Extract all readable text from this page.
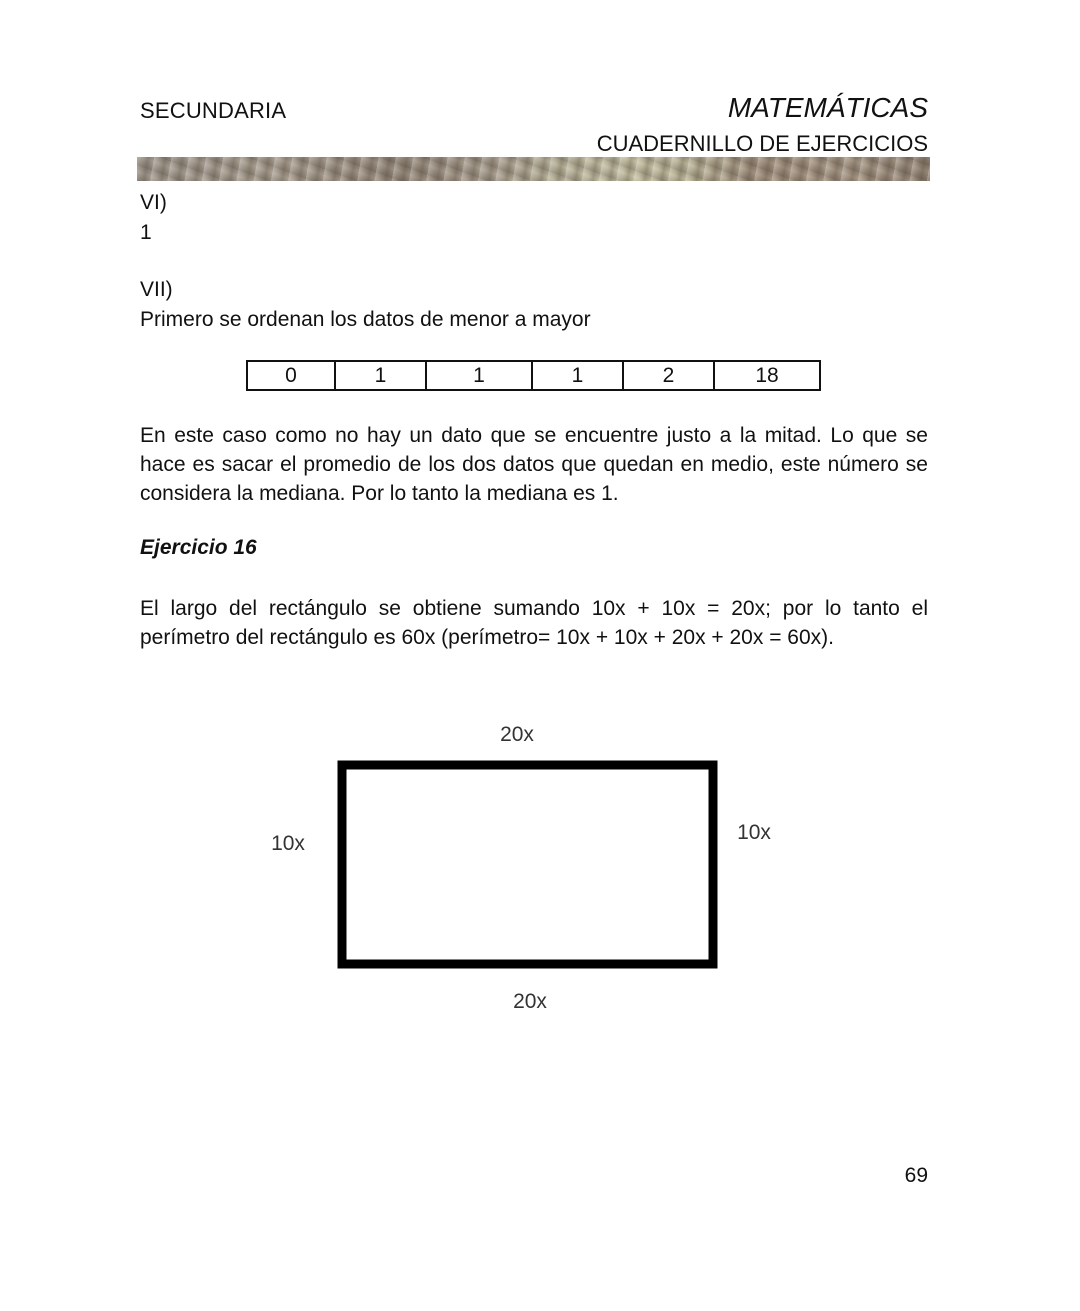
SECUNDARIA	MATEMÁTICAS
CUADERNILLO DE EJERCICIOS
VI)
1
VII)
Primero se ordenan los datos de menor a mayor
0	1	1	1	2	18
En este caso como no hay un dato que se encuentre justo a la mitad. Lo que se hace es sacar el promedio de los dos datos que quedan en medio, este número se considera la mediana. Por lo tanto la mediana es 1.
Ejercicio 16
El largo del rectángulo se obtiene sumando 10x + 10x = 20x; por lo tanto el perímetro del rectángulo es 60x (perímetro= 10x + 10x + 20x + 20x = 60x).
20x
20x
10x	10x
69
